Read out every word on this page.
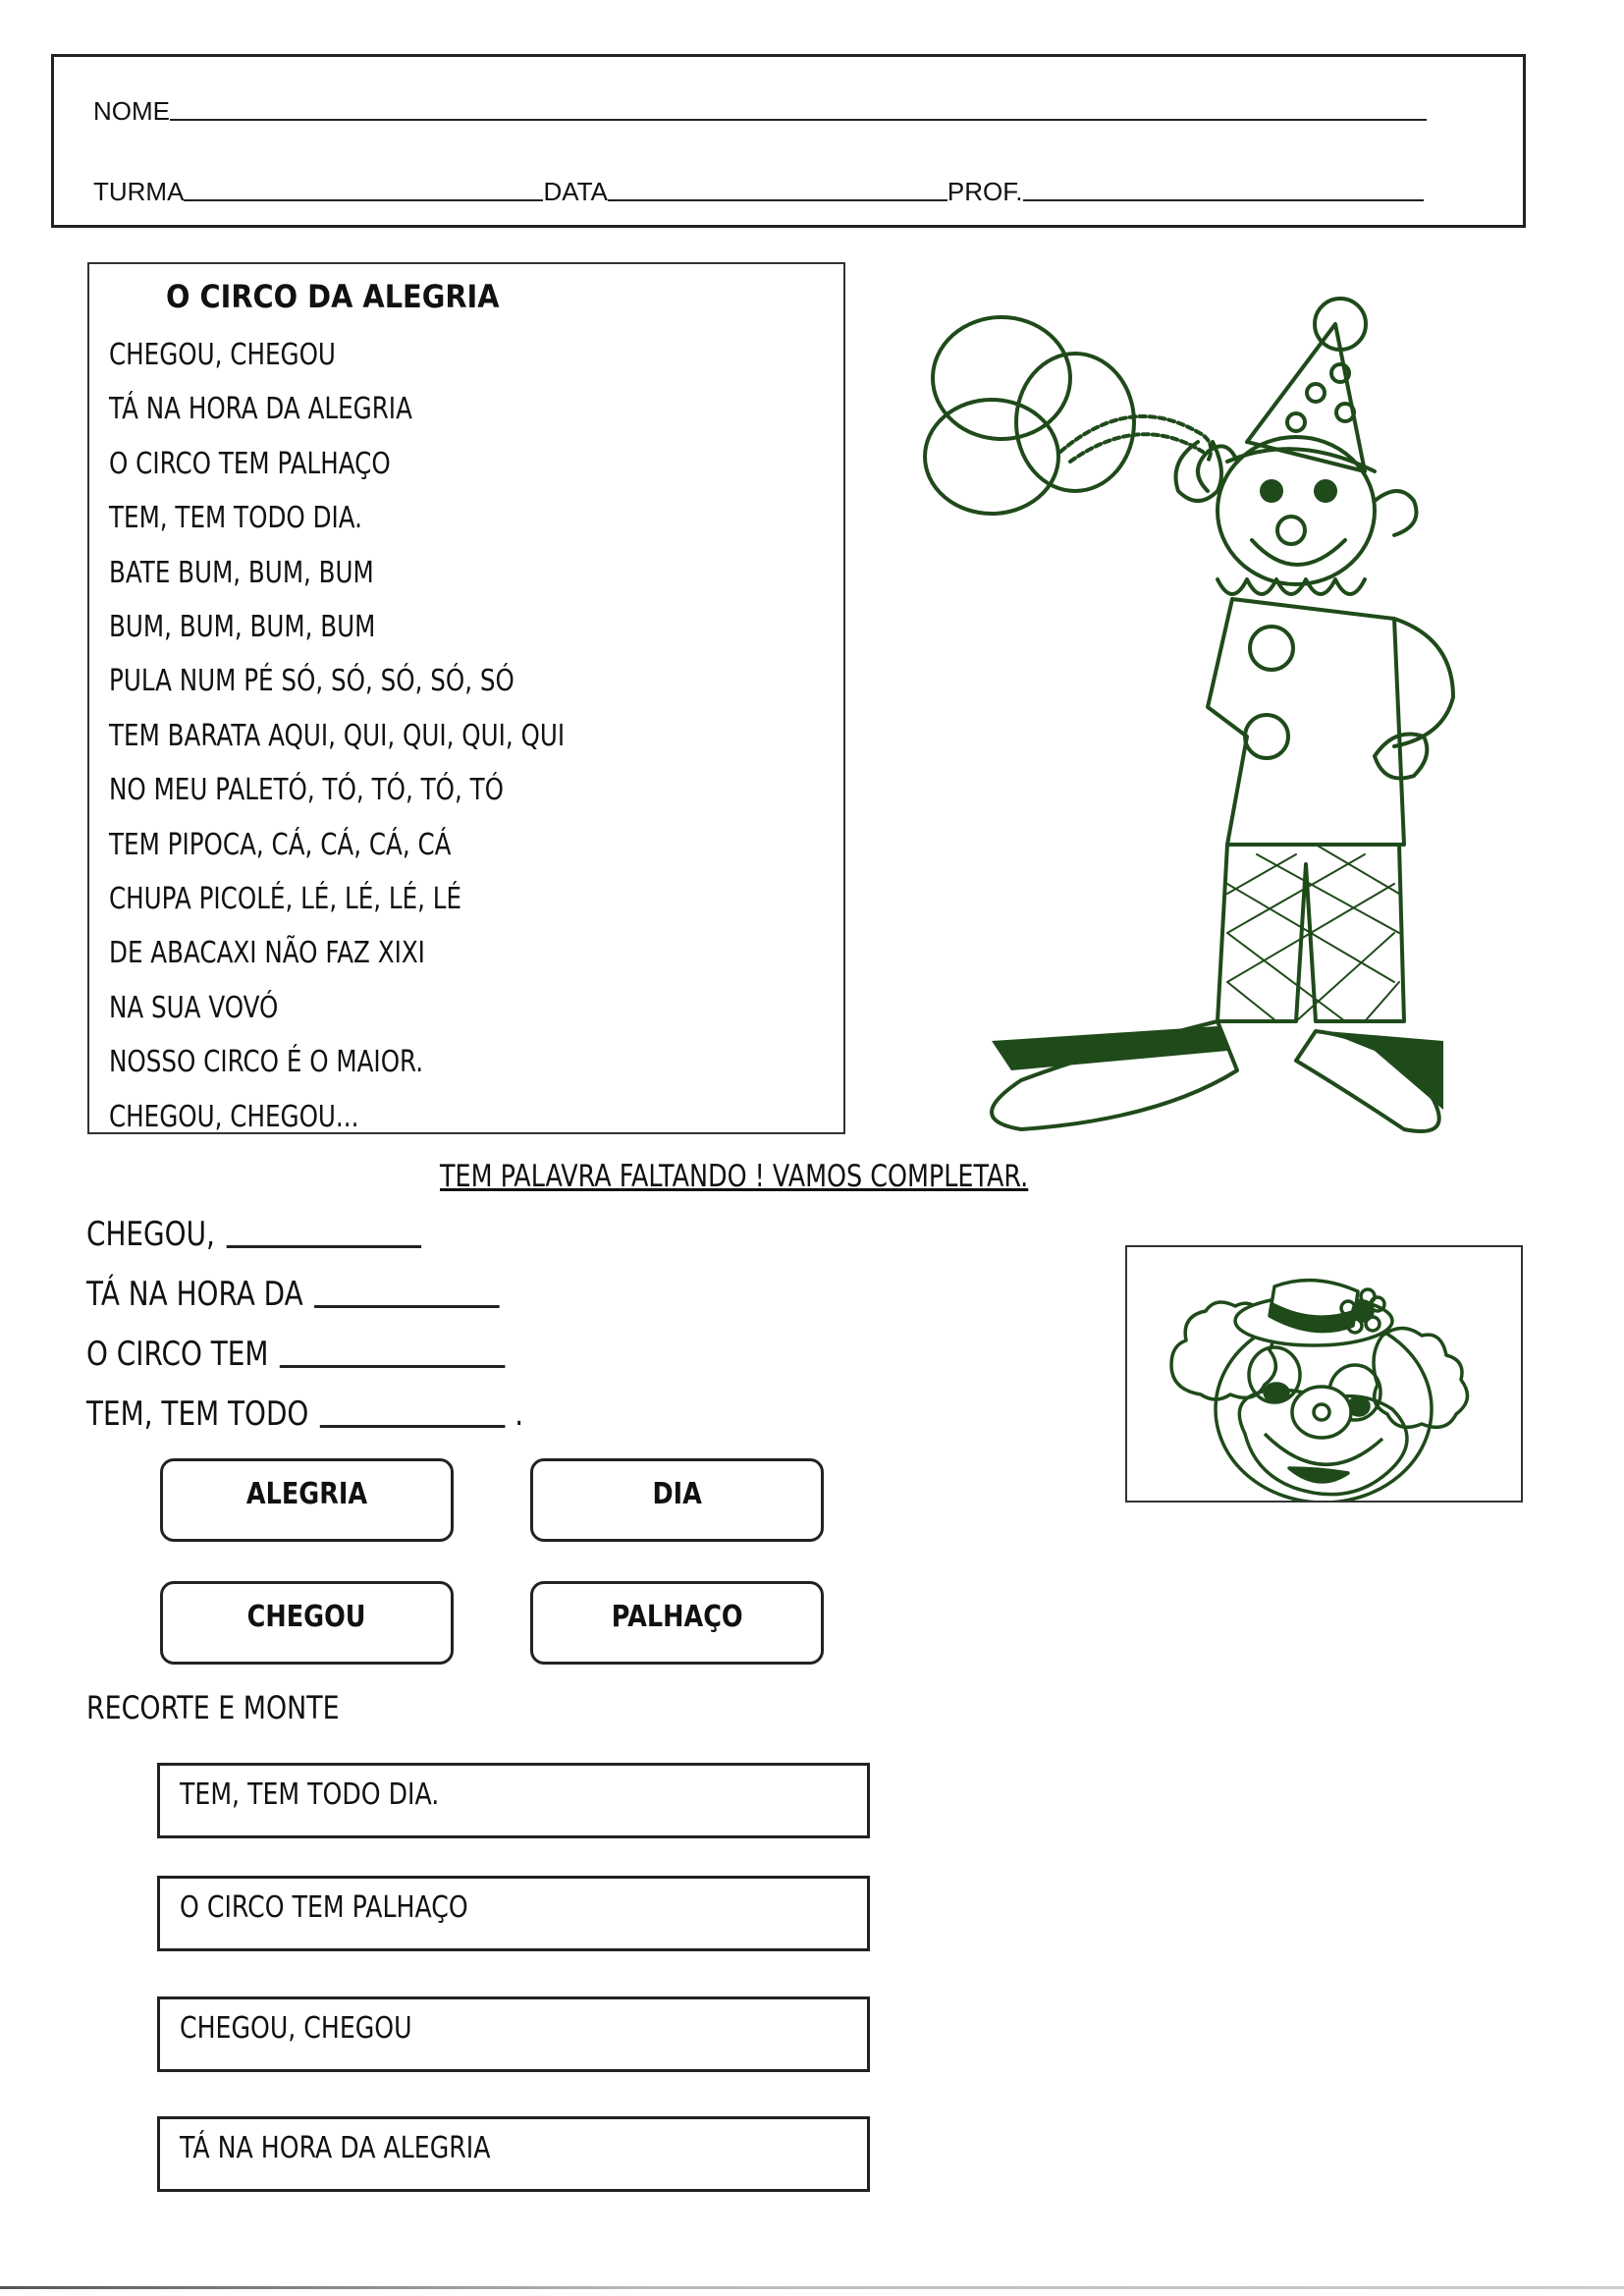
NOME
TURMA	DATA	PROF.
O CIRCO DA ALEGRIA
CHEGOU, CHEGOU
TÁ NA HORA DA ALEGRIA
O CIRCO TEM PALHAÇO
TEM, TEM TODO DIA.
BATE BUM, BUM, BUM
BUM, BUM, BUM, BUM
PULA NUM PÉ SÓ, SÓ, SÓ, SÓ, SÓ
TEM BARATA AQUI, QUI, QUI, QUI, QUI
NO MEU PALETÓ, TÓ, TÓ, TÓ, TÓ
TEM PIPOCA, CÁ, CÁ, CÁ, CÁ
CHUPA PICOLÉ, LÉ, LÉ, LÉ, LÉ
DE ABACAXI NÃO FAZ XIXI
NA SUA VOVÓ
NOSSO CIRCO É O MAIOR.
CHEGOU, CHEGOU...
TEM PALAVRA FALTANDO ! VAMOS COMPLETAR.
CHEGOU,
TÁ NA HORA DA
O CIRCO TEM
TEM, TEM TODO	.
ALEGRIA	DIA
CHEGOU	PALHAÇO
RECORTE E MONTE
TEM, TEM TODO DIA.
O CIRCO TEM PALHAÇO
CHEGOU, CHEGOU
TÁ NA HORA DA ALEGRIA
